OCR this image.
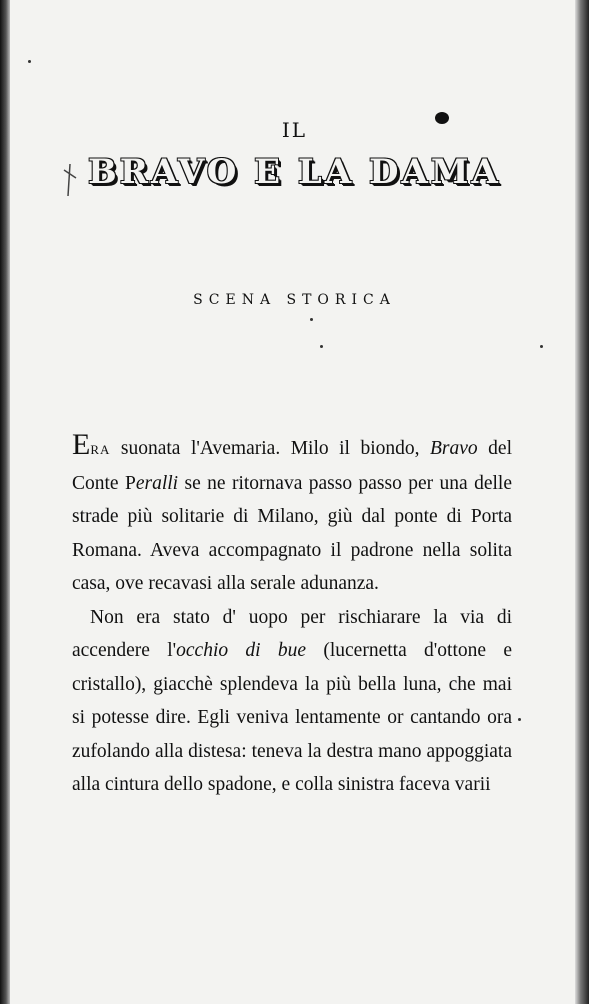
IL
BRAVO E LA DAMA
SCENA STORICA

ERA suonata l'Avemaria. Milo il biondo, Bravo del Conte Peralli se ne ritornava passo passo per una delle strade più solitarie di Milano, giù dal ponte di Porta Romana. Aveva accompagnato il padrone nella solita casa, ove recavasi alla serale adunanza.

Non era stato d' uopo per rischiarare la via di accendere l'occhio di bue (lucernetta d'ottone e cristallo), giacchè splendeva la più bella luna, che mai si potesse dire. Egli veniva lentamente or cantando ora zufolando alla distesa: teneva la destra mano appoggiata alla cintura dello spadone, e colla sinistra faceva varii
